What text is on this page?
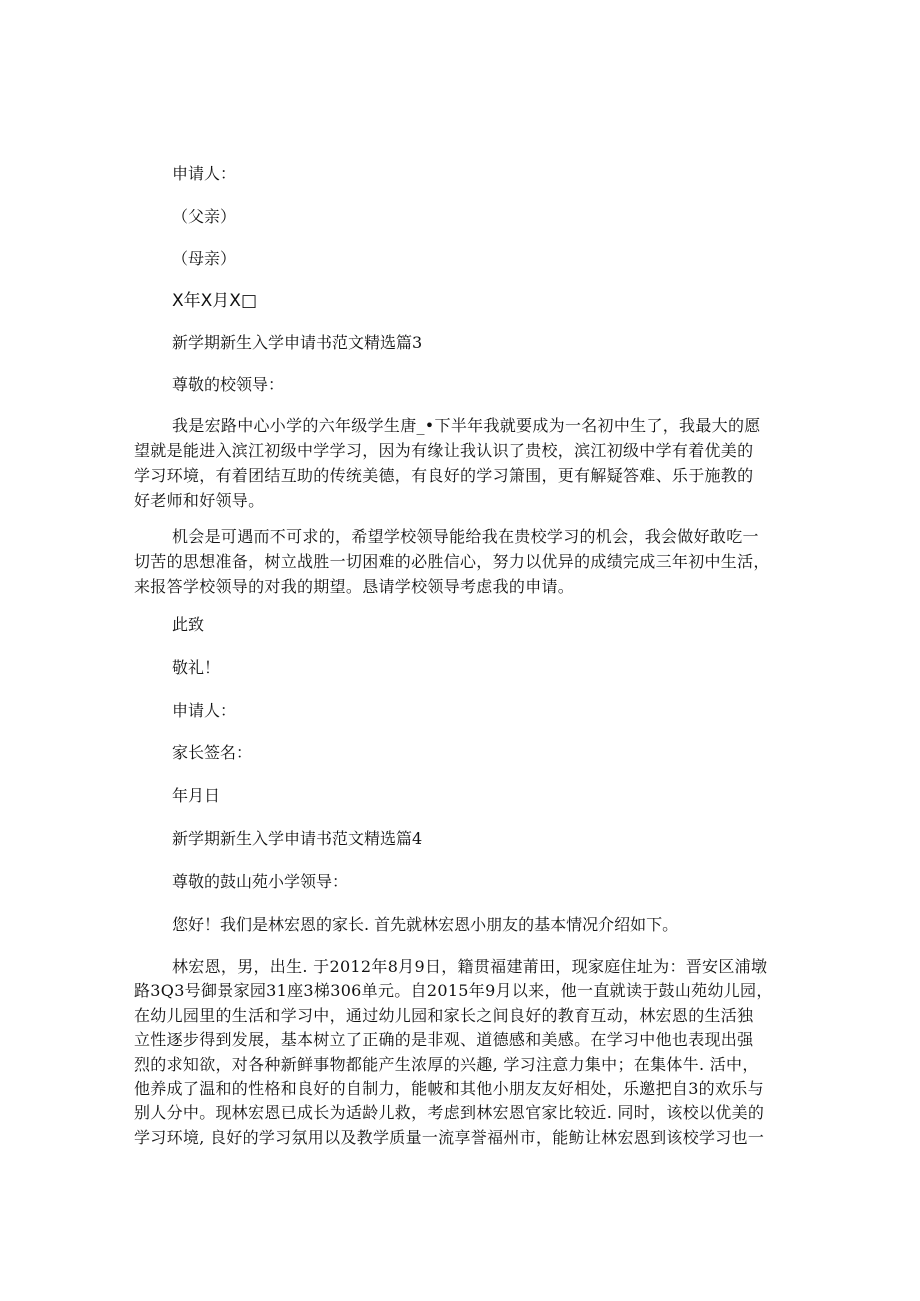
申请人：
（父亲）
（母亲）
X年X月X□
新学期新生入学申请书范文精选篇3
尊敬的校领导：
我是宏路中心小学的六年级学生唐_•下半年我就要成为一名初中生了，我最大的愿
望就是能进入滨江初级中学学习，因为有缘让我认识了贵校，滨江初级中学有着优美的
学习环境，有着团结互助的传统美德，有良好的学习箫围，更有解疑答难、乐于施教的
好老师和好领导。
机会是可遇而不可求的，希望学校领导能给我在贵校学习的机会，我会做好敢吃一
切苦的思想准备，树立战胜一切困难的必胜信心，努力以优异的成绩完成三年初中生活，
来报答学校领导的对我的期望。恳请学校领导考虑我的申请。
此致
敬礼！
申请人：
家长签名：
年月日
新学期新生入学申请书范文精选篇4
尊敬的鼓山苑小学领导：
您好！我们是林宏恩的家长. 首先就林宏恩小朋友的基本情况介绍如下。
林宏恩，男，出生. 于2012年8月9日，籍贯福建莆田，现家庭住址为：晋安区浦墩
路3Q3号御景家园31座3梯306单元。自2015年9月以来，他一直就读于鼓山苑幼儿园，
在幼儿园里的生活和学习中，通过幼儿园和家长之间良好的教育互动，林宏恩的生活独
立性逐步得到发展，基本树立了正确的是非观、道德感和美感。在学习中他也表现出强
烈的求知欲，对各种新鲜事物都能产生浓厚的兴趣, 学习注意力集中；在集体牛. 活中，
他养成了温和的性格和良好的自制力，能帔和其他小朋友友好相处，乐邀把自3的欢乐与
别人分中。现林宏恩已成长为适龄儿救，考虑到林宏恩官家比较近. 同时，该校以优美的
学习环境, 良好的学习氛用以及教学质量一流享誉福州市，能鲂让林宏恩到该校学习也一
